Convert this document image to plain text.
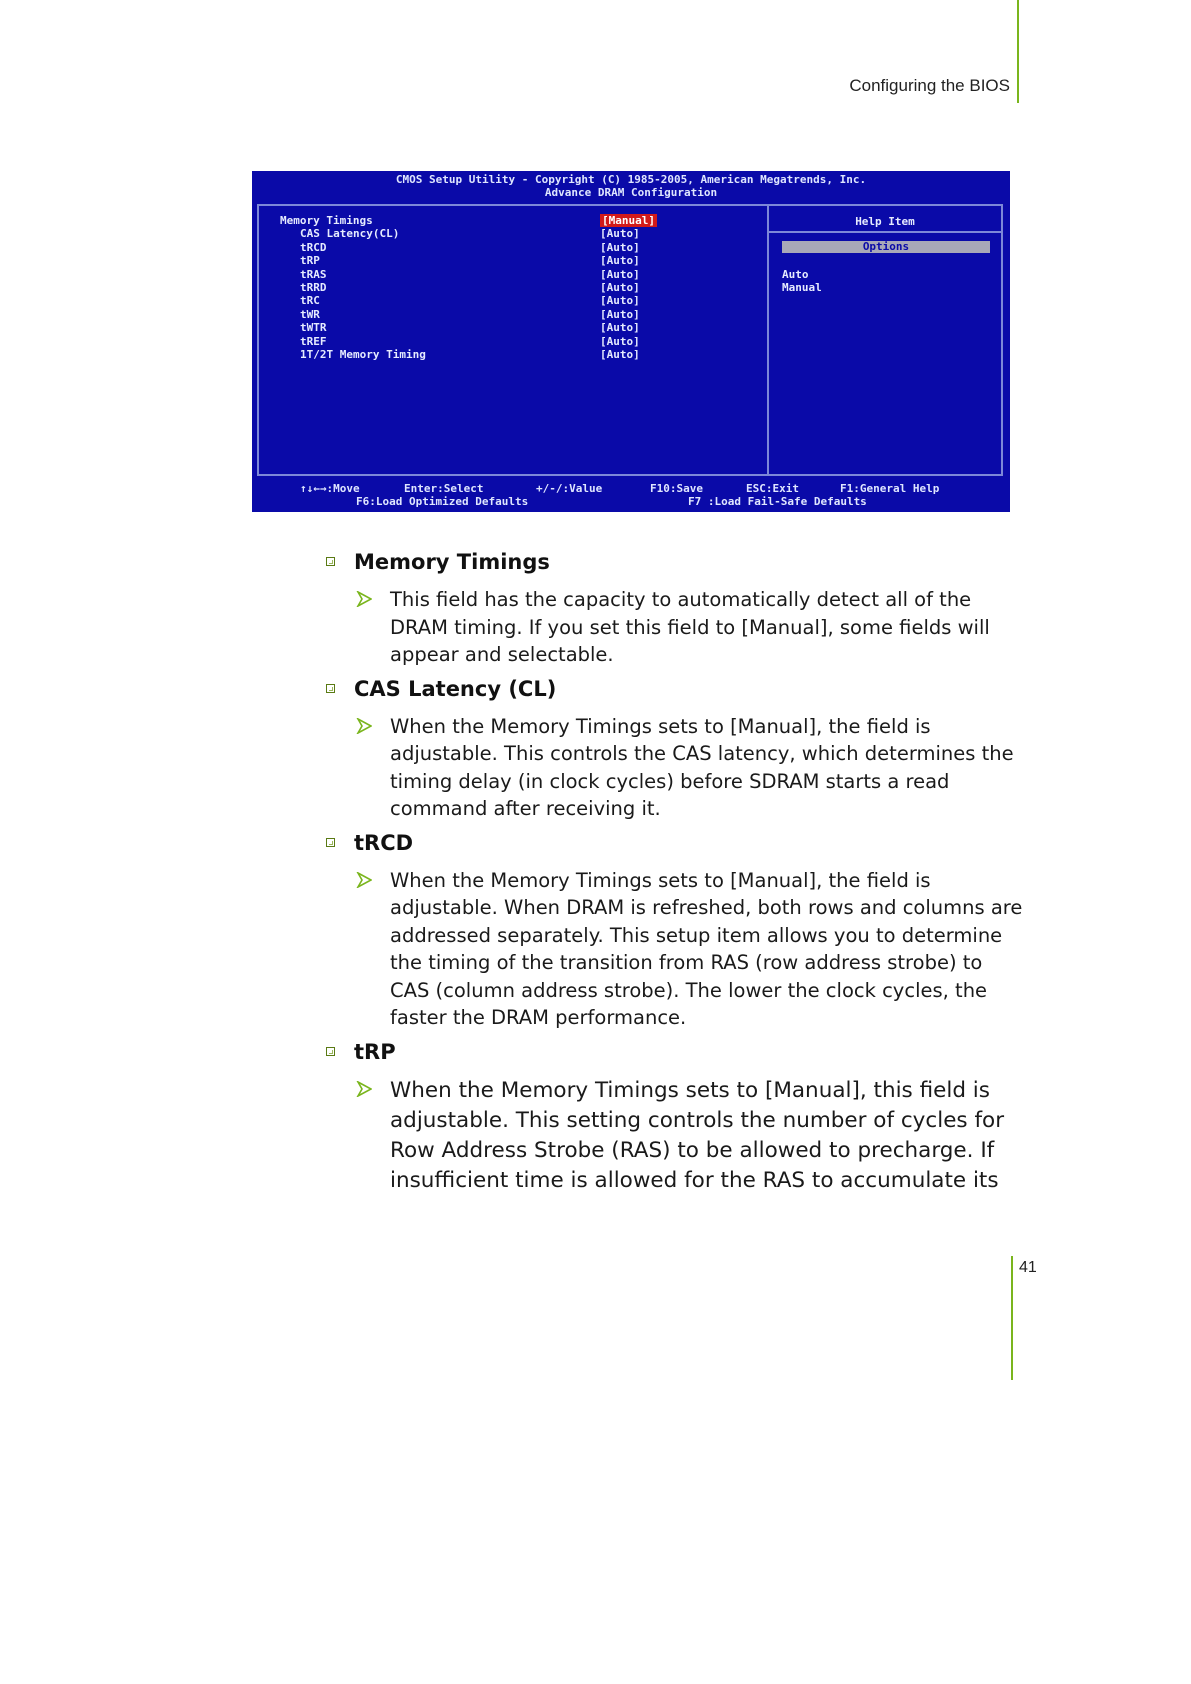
Configuring the BIOS
CMOS Setup Utility - Copyright (C) 1985-2005, American Megatrends, Inc.
Advance DRAM Configuration
Memory Timings	[Manual]
CAS Latency(CL)	[Auto]
tRCD	[Auto]
tRP	[Auto]
tRAS	[Auto]
tRRD	[Auto]
tRC	[Auto]
tWR	[Auto]
tWTR	[Auto]
tREF	[Auto]
1T/2T Memory Timing	[Auto]
Help Item
Options
Auto
Manual
↑↓←→:Move	Enter:Select	+/-/:Value	F10:Save	ESC:Exit	F1:General Help
F6:Load Optimized Defaults	F7 :Load Fail-Safe Defaults
Memory Timings
This field has the capacity to automatically detect all of the DRAM timing. If you set this field to [Manual], some fields will appear and selectable.
CAS Latency (CL)
When the Memory Timings sets to [Manual], the field is adjustable. This controls the CAS latency, which determines the timing delay (in clock cycles) before SDRAM starts a read command after receiving it.
tRCD
When the Memory Timings sets to [Manual], the field is adjustable. When DRAM is refreshed, both rows and columns are addressed separately. This setup item allows you to determine the timing of the transition from RAS (row address strobe) to CAS (column address strobe). The lower the clock cycles, the faster the DRAM performance.
tRP
When the Memory Timings sets to [Manual], this field is adjustable. This setting controls the number of cycles for Row Address Strobe (RAS) to be allowed to precharge. If insufficient time is allowed for the RAS to accumulate its
41
